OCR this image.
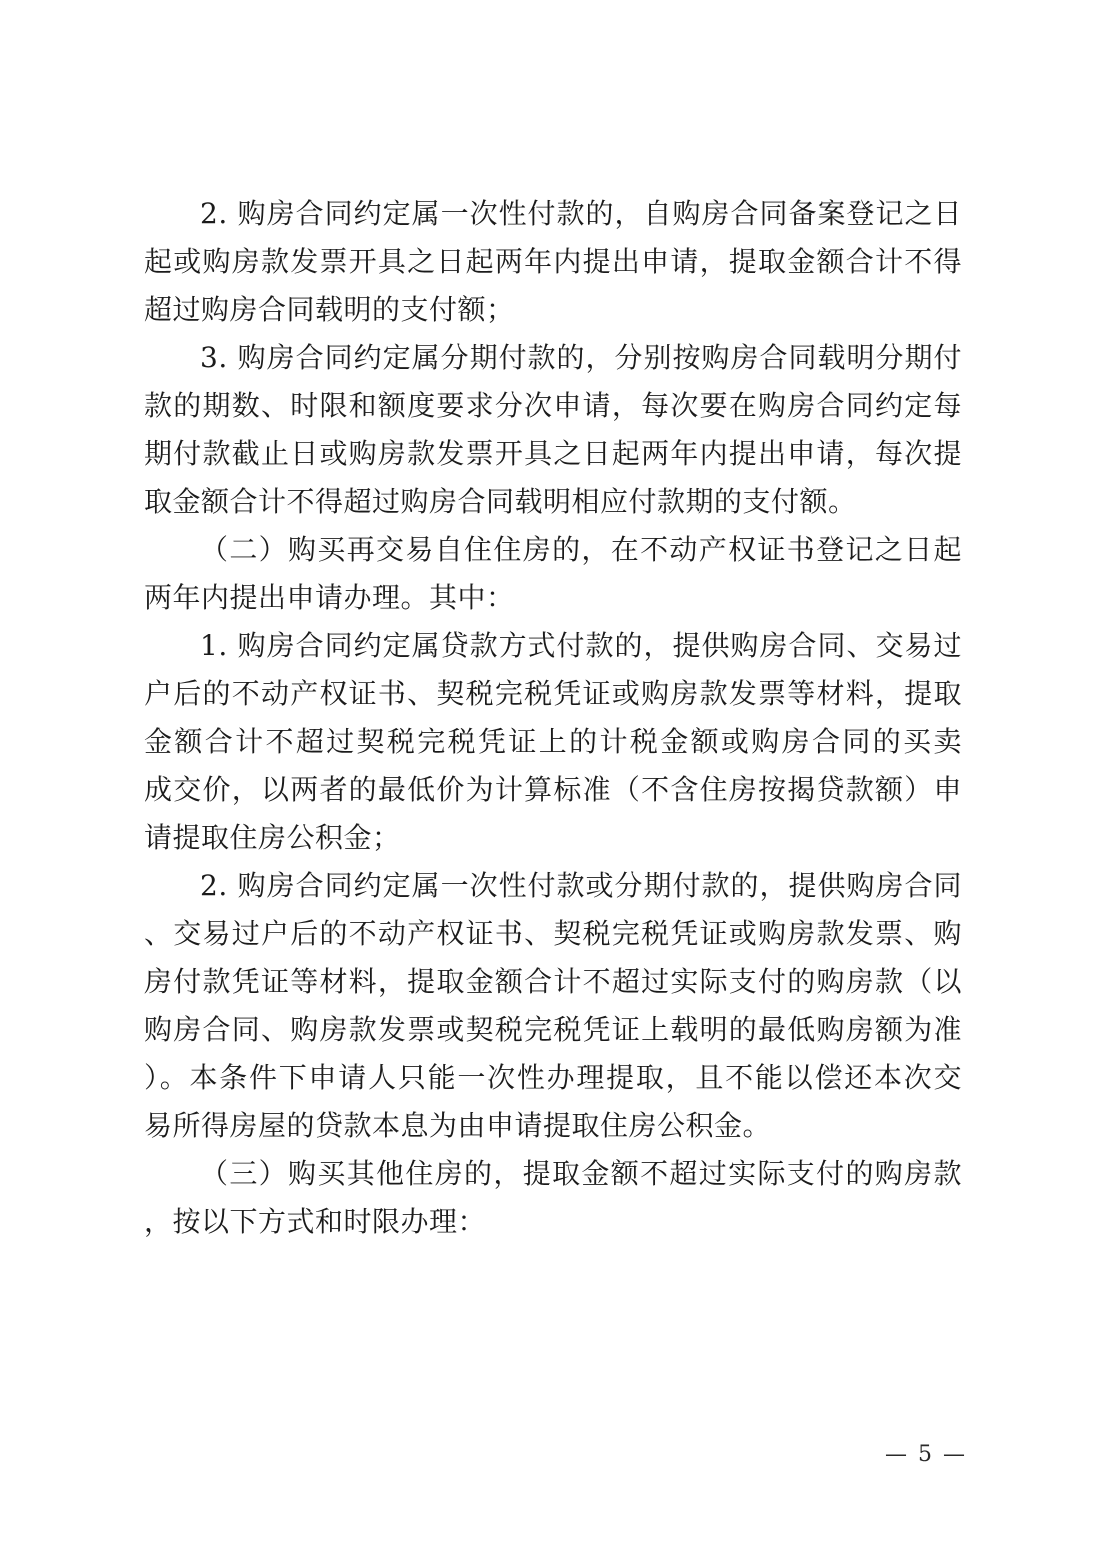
2. 购房合同约定属一次性付款的，自购房合同备案登记之日
起或购房款发票开具之日起两年内提出申请，提取金额合计不得
超过购房合同载明的支付额；
3. 购房合同约定属分期付款的，分别按购房合同载明分期付
款的期数、时限和额度要求分次申请，每次要在购房合同约定每
期付款截止日或购房款发票开具之日起两年内提出申请，每次提
取金额合计不得超过购房合同载明相应付款期的支付额。
（二）购买再交易自住住房的，在不动产权证书登记之日起
两年内提出申请办理。其中：
1. 购房合同约定属贷款方式付款的，提供购房合同、交易过
户后的不动产权证书、契税完税凭证或购房款发票等材料，提取
金额合计不超过契税完税凭证上的计税金额或购房合同的买卖
成交价，以两者的最低价为计算标准（不含住房按揭贷款额）申
请提取住房公积金；
2. 购房合同约定属一次性付款或分期付款的，提供购房合同
、交易过户后的不动产权证书、契税完税凭证或购房款发票、购
房付款凭证等材料，提取金额合计不超过实际支付的购房款（以
购房合同、购房款发票或契税完税凭证上载明的最低购房额为准
）。本条件下申请人只能一次性办理提取，且不能以偿还本次交
易所得房屋的贷款本息为由申请提取住房公积金。
（三）购买其他住房的，提取金额不超过实际支付的购房款
，按以下方式和时限办理：
— 5 —
